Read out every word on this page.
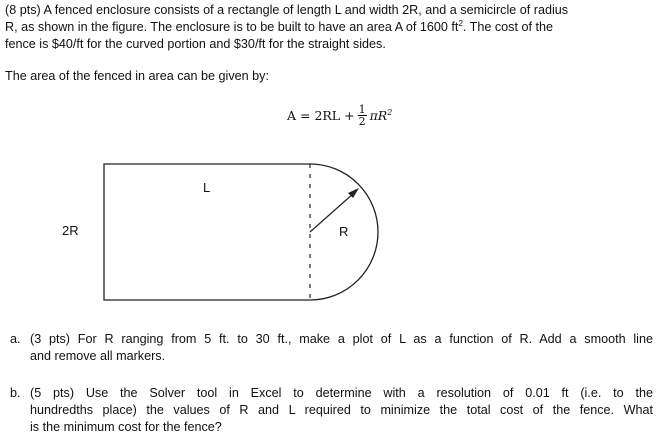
(8 pts) A fenced enclosure consists of a rectangle of length L and width 2R, and a semicircle of radius
R, as shown in the figure. The enclosure is to be built to have an area A of 1600 $ft^2$. The cost of the
fence is $40/ft for the curved portion and $30/ft for the straight sides.
The area of the fenced in area can be given by:
$A = 2RL + \frac{1}{2} \pi R^2$
L
2R	R
a. (3 pts) For R ranging from 5 ft. to 30 ft., make a plot of L as a function of R. Add a smooth line
and remove all markers.
b. (5 pts) Use the Solver tool in Excel to determine with a resolution of 0.01 ft (i.e. to the
hundredths place) the values of R and L required to minimize the total cost of the fence. What
is the minimum cost for the fence?
